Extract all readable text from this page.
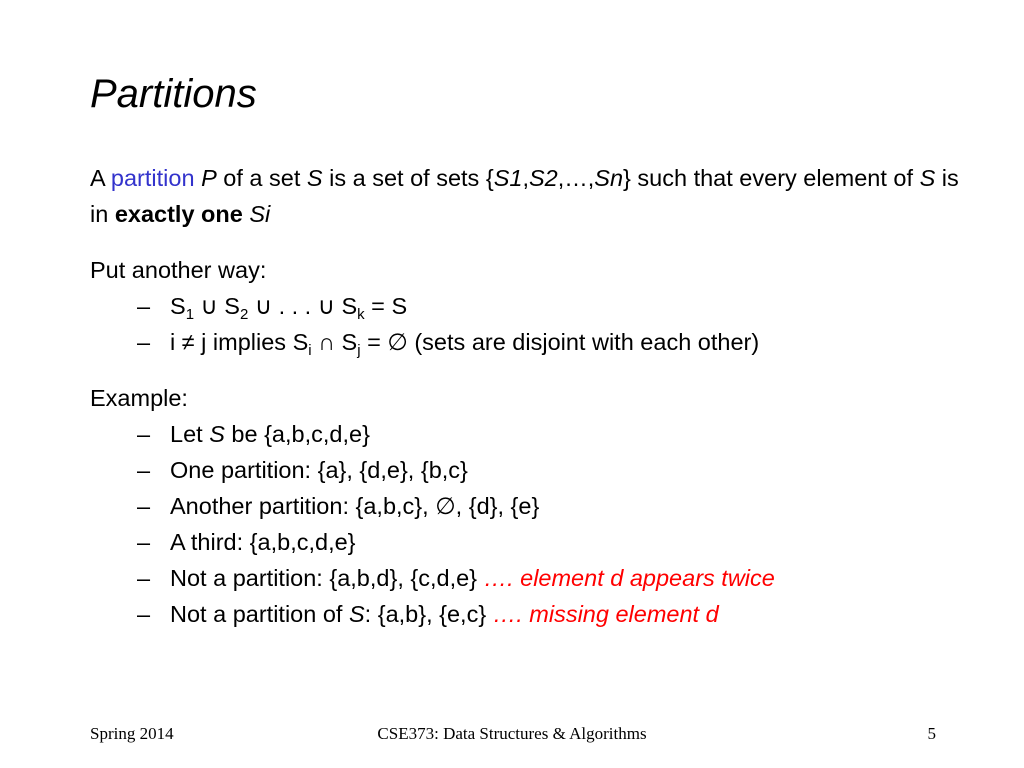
Partitions

A partition P of a set S is a set of sets {S1,S2,…,Sn} such that every element of S is in exactly one Si

Put another way:

– $S_1$ ∪ $S_2$ ∪ . . . ∪ $S_k = S$

– i ≠ j implies $S_i$ ∩ $S_j$ = ∅ (sets are disjoint with each other)

Example:

– Let S be {a,b,c,d,e}

– One partition: {a}, {d,e}, {b,c}

– Another partition: {a,b,c}, ∅, {d}, {e}

– A third: {a,b,c,d,e}

– Not a partition: {a,b,d}, {c,d,e} …. element d appears twice

– Not a partition of S: {a,b}, {e,c} …. missing element d

Spring 2014	CSE373: Data Structures & Algorithms	5
